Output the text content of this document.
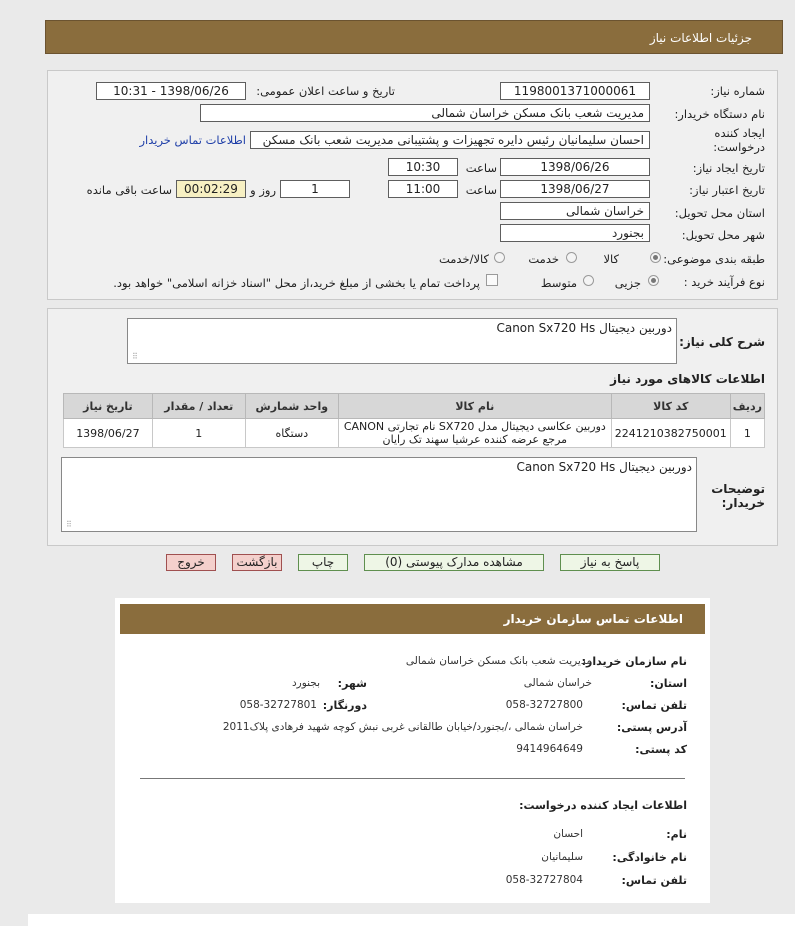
جزئیات اطلاعات نیاز
شماره نیاز:
1198001371000061
تاریخ و ساعت اعلان عمومی:
1398/06/26 - 10:31
نام دستگاه خریدار:
مدیریت شعب بانک مسکن خراسان شمالی
ایجاد کننده
درخواست:
احسان سلیمانیان رئیس دایره تجهیزات و پشتیبانی مدیریت شعب بانک مسکن
اطلاعات تماس خریدار
تاریخ ایجاد نیاز:
1398/06/26
ساعت
10:30
تاریخ اعتبار نیاز:
1398/06/27
ساعت
11:00
1
روز و
00:02:29
ساعت باقی مانده
استان محل تحویل:
خراسان شمالی
شهر محل تحویل:
بجنورد
طبقه بندی موضوعی:
کالا
خدمت
کالا/خدمت
نوع فرآیند خرید :
جزیی
متوسط
پرداخت تمام یا بخشی از مبلغ خرید،از محل "اسناد خزانه اسلامی" خواهد بود.
شرح کلی نیاز:
دوربین دیجیتال Canon Sx720 Hs
⠿
اطلاعات کالاهای مورد نیاز
ردیف	کد کالا	نام کالا	واحد شمارش	تعداد / مقدار	تاریخ نیاز
1	2241210382750001	دوربین عکاسی دیجیتال مدل SX720 نام تجارتی CANON
مرجع عرضه کننده عرشیا سهند تک رایان	دستگاه	1	1398/06/27
توضیحات
خریدار:
دوربین دیجیتال Canon Sx720 Hs
⠿
پاسخ به نیاز
مشاهده مدارک پیوستی (0)
چاپ
بازگشت
خروج
اطلاعات تماس سازمان خریدار
نام سازمان خریدار:
مدیریت شعب بانک مسکن خراسان شمالی
استان:
خراسان شمالی
شهر:
بجنورد
تلفن تماس:
058-32727800
دورنگار:
058-32727801
آدرس پستی:
خراسان شمالی ،/بجنورد/خیابان طالقانی غربی نبش کوچه شهید فرهادی پلاک2011
کد پستی:
9414964649
اطلاعات ایجاد کننده درخواست:
نام:
احسان
نام خانوادگی:
سلیمانیان
تلفن تماس:
058-32727804
